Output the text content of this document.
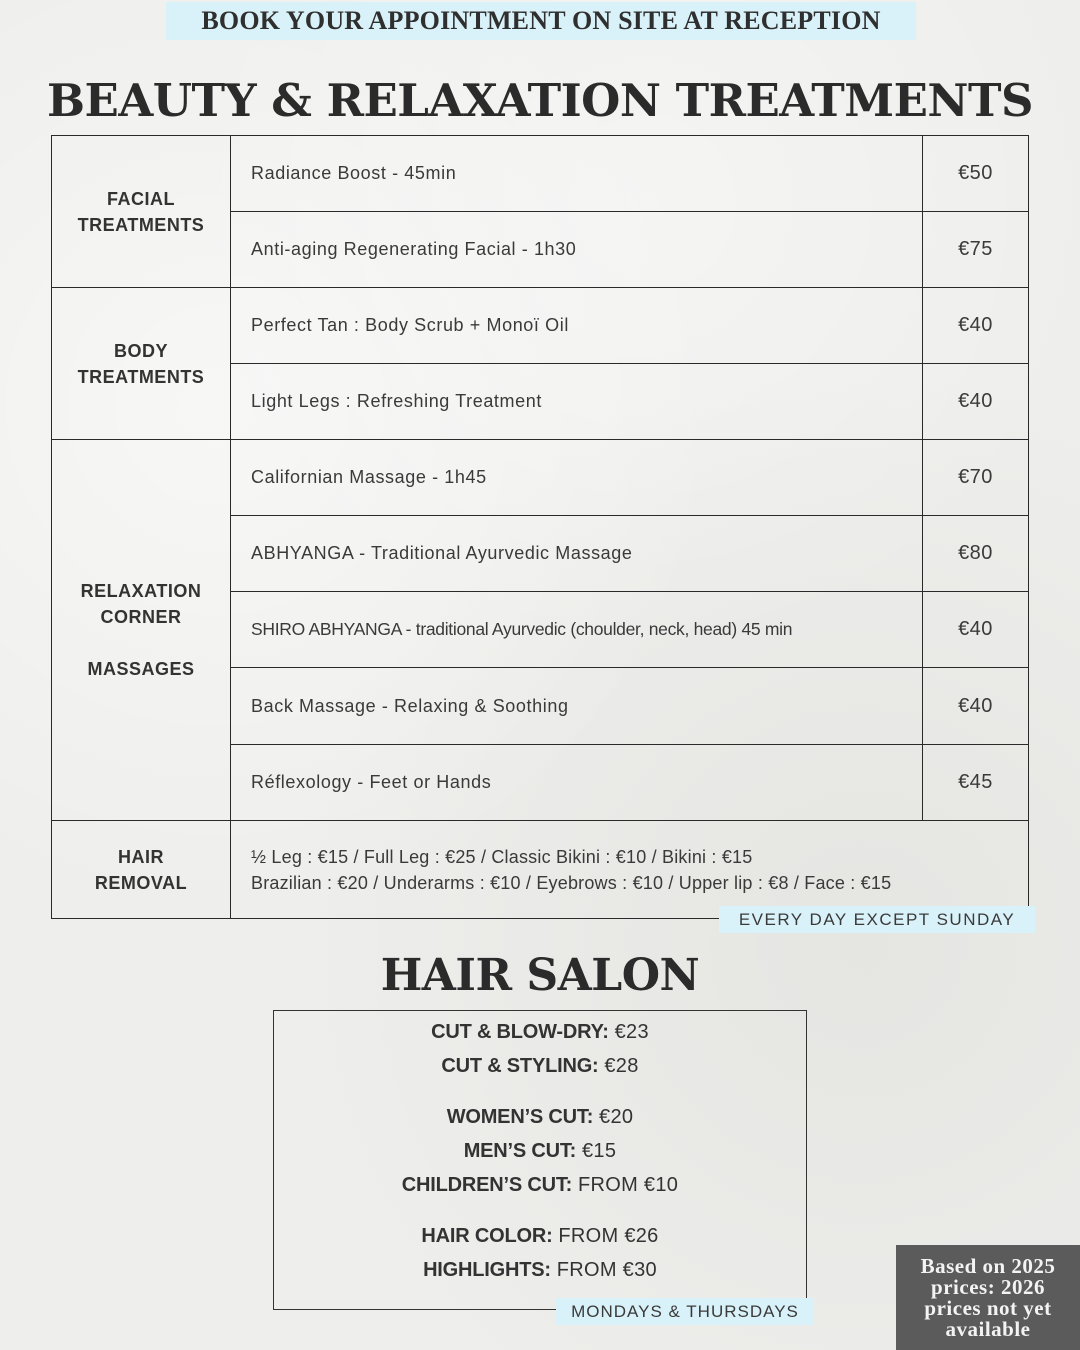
BOOK YOUR APPOINTMENT ON SITE AT RECEPTION
BEAUTY & RELAXATION TREATMENTS
FACIAL
TREATMENTS	Radiance Boost - 45min	€50
	Anti-aging Regenerating Facial - 1h30	€75
BODY
TREATMENTS	Perfect Tan : Body Scrub + Monoï Oil	€40
	Light Legs : Refreshing Treatment	€40
RELAXATION
CORNER
MASSAGES	Californian Massage - 1h45	€70
	ABHYANGA - Traditional Ayurvedic Massage	€80
	SHIRO ABHYANGA - traditional Ayurvedic (choulder, neck, head) 45 min	€40
	Back Massage - Relaxing & Soothing	€40
	Réflexology - Feet or Hands	€45
HAIR
REMOVAL	½ Leg : €15 / Full Leg : €25 / Classic Bikini : €10 / Bikini : €15
Brazilian : €20 / Underarms : €10 / Eyebrows : €10 / Upper lip : €8 / Face : €15	
EVERY DAY EXCEPT SUNDAY
HAIR SALON
CUT & BLOW-DRY: €23
CUT & STYLING: €28
WOMEN’S CUT: €20
MEN’S CUT: €15
CHILDREN’S CUT: FROM €10
HAIR COLOR: FROM €26
HIGHLIGHTS: FROM €30
MONDAYS & THURSDAYS
Based on 2025 prices: 2026 prices not yet available
